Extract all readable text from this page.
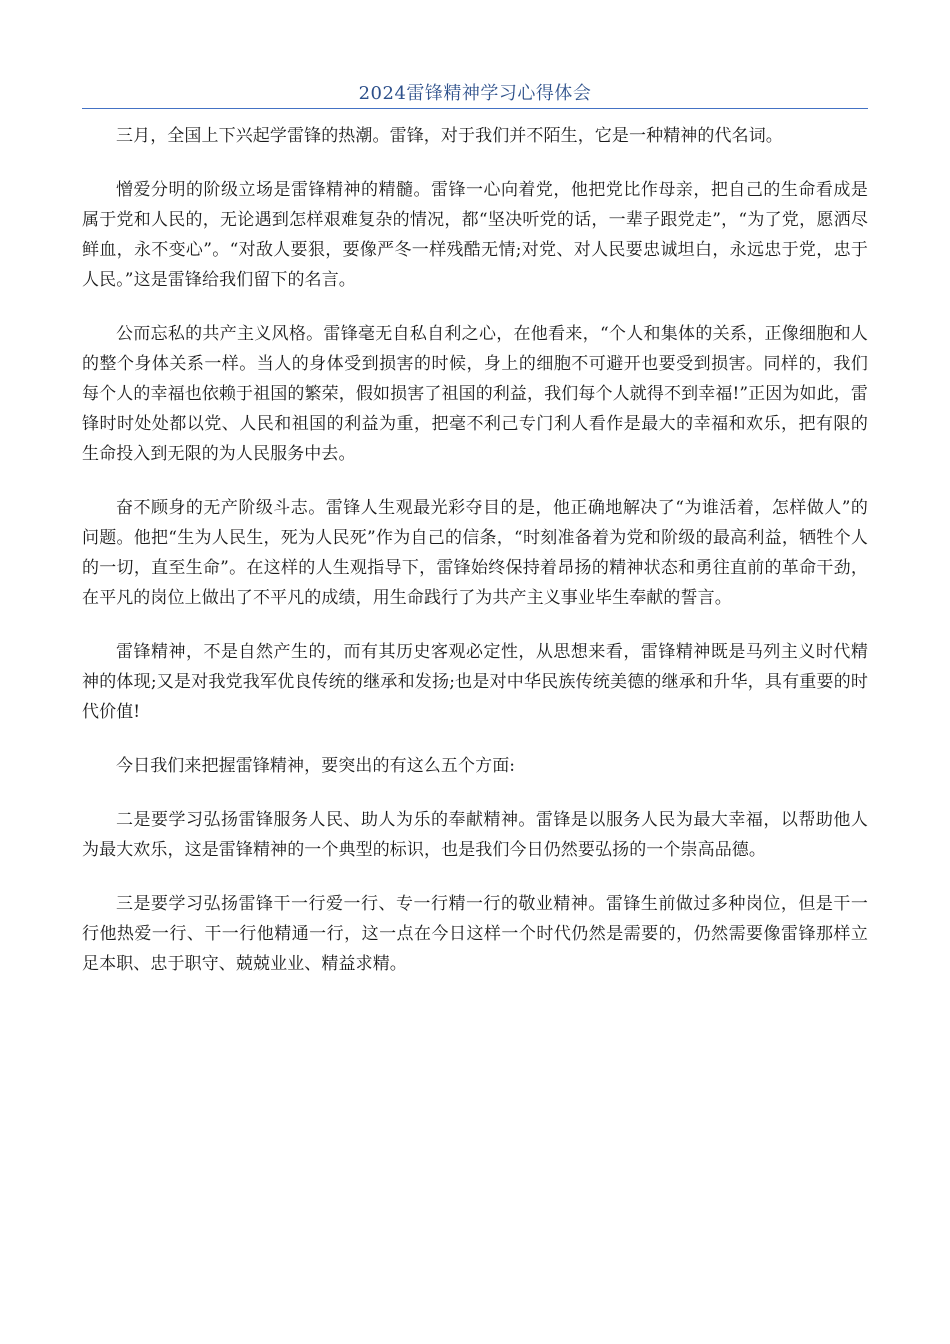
2024雷锋精神学习心得体会

三月，全国上下兴起学雷锋的热潮。雷锋，对于我们并不陌生，它是一种精神的代名词。

憎爱分明的阶级立场是雷锋精神的精髓。雷锋一心向着党，他把党比作母亲，把自己的生命看成是属于党和人民的，无论遇到怎样艰难复杂的情况，都“坚决听党的话，一辈子跟党走”，“为了党，愿洒尽鲜血，永不变心”。“对敌人要狠，要像严冬一样残酷无情;对党、对人民要忠诚坦白，永远忠于党，忠于人民。”这是雷锋给我们留下的名言。

公而忘私的共产主义风格。雷锋毫无自私自利之心，在他看来，“个人和集体的关系，正像细胞和人的整个身体关系一样。当人的身体受到损害的时候，身上的细胞不可避开也要受到损害。同样的，我们每个人的幸福也依赖于祖国的繁荣，假如损害了祖国的利益，我们每个人就得不到幸福!”正因为如此，雷锋时时处处都以党、人民和祖国的利益为重，把毫不利己专门利人看作是最大的幸福和欢乐，把有限的生命投入到无限的为人民服务中去。

奋不顾身的无产阶级斗志。雷锋人生观最光彩夺目的是，他正确地解决了“为谁活着，怎样做人”的问题。他把“生为人民生，死为人民死”作为自己的信条，“时刻准备着为党和阶级的最高利益，牺牲个人的一切，直至生命”。在这样的人生观指导下，雷锋始终保持着昂扬的精神状态和勇往直前的革命干劲，在平凡的岗位上做出了不平凡的成绩，用生命践行了为共产主义事业毕生奉献的誓言。

雷锋精神，不是自然产生的，而有其历史客观必定性，从思想来看，雷锋精神既是马列主义时代精神的体现;又是对我党我军优良传统的继承和发扬;也是对中华民族传统美德的继承和升华，具有重要的时代价值!

今日我们来把握雷锋精神，要突出的有这么五个方面:

二是要学习弘扬雷锋服务人民、助人为乐的奉献精神。雷锋是以服务人民为最大幸福，以帮助他人为最大欢乐，这是雷锋精神的一个典型的标识，也是我们今日仍然要弘扬的一个崇高品德。

三是要学习弘扬雷锋干一行爱一行、专一行精一行的敬业精神。雷锋生前做过多种岗位，但是干一行他热爱一行、干一行他精通一行，这一点在今日这样一个时代仍然是需要的，仍然需要像雷锋那样立足本职、忠于职守、兢兢业业、精益求精。
